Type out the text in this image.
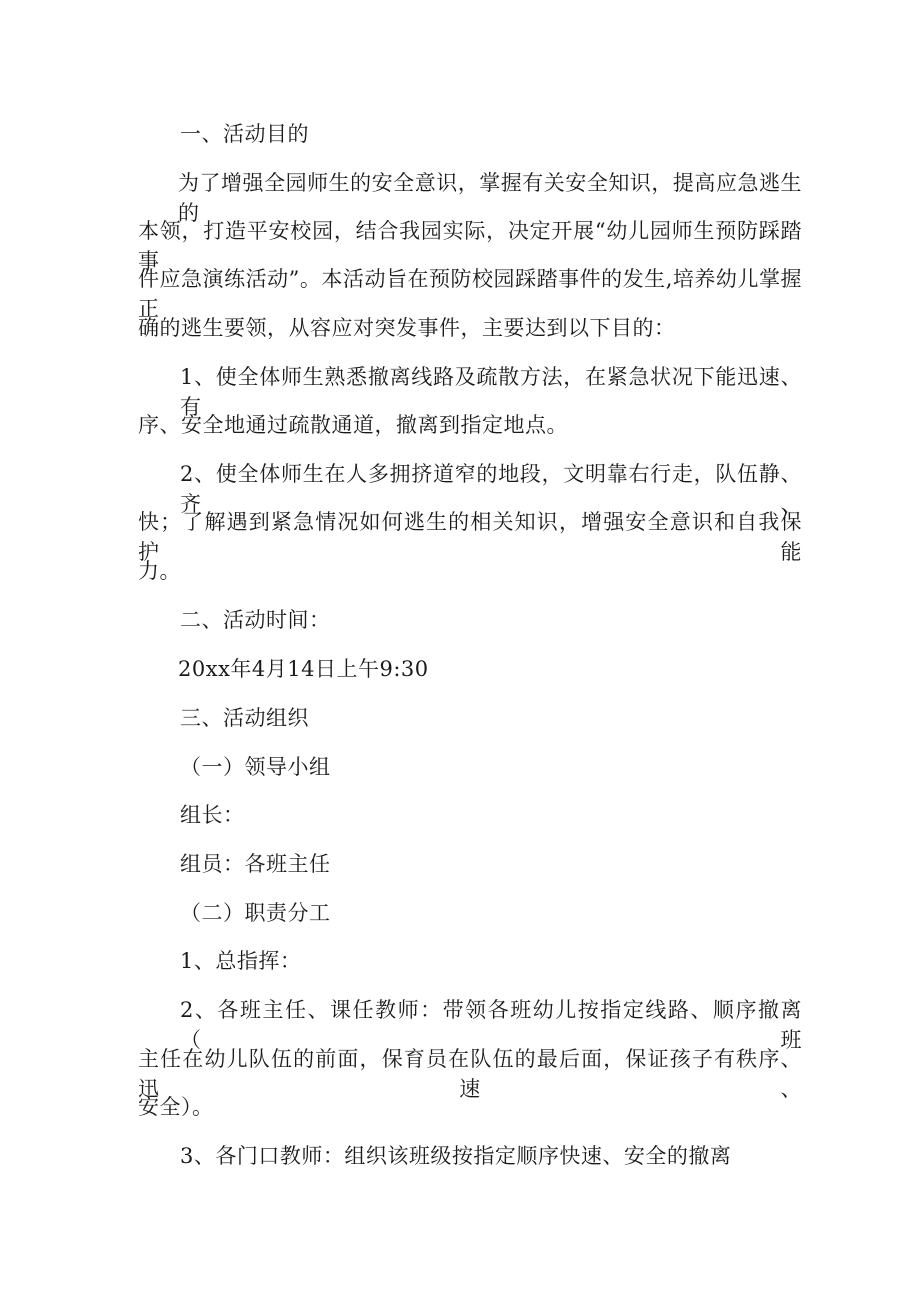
一、活动目的
为了增强全园师生的安全意识，掌握有关安全知识，提高应急逃生的
本领，打造平安校园，结合我园实际，决定开展“幼儿园师生预防踩踏事
件应急演练活动”。本活动旨在预防校园踩踏事件的发生,培养幼儿掌握正
确的逃生要领，从容应对突发事件，主要达到以下目的：
1、使全体师生熟悉撤离线路及疏散方法，在紧急状况下能迅速、有
序、安全地通过疏散通道，撤离到指定地点。
2、使全体师生在人多拥挤道窄的地段，文明靠右行走，队伍静、齐、
快；了解遇到紧急情况如何逃生的相关知识，增强安全意识和自我保护能
力。
二、活动时间：
20xx年4月14日上午9:30
三、活动组织
（一）领导小组
组长：
组员：各班主任
（二）职责分工
1、总指挥：
2、各班主任、课任教师：带领各班幼儿按指定线路、顺序撤离（班
主任在幼儿队伍的前面，保育员在队伍的最后面，保证孩子有秩序、迅速、
安全）。
3、各门口教师：组织该班级按指定顺序快速、安全的撤离
